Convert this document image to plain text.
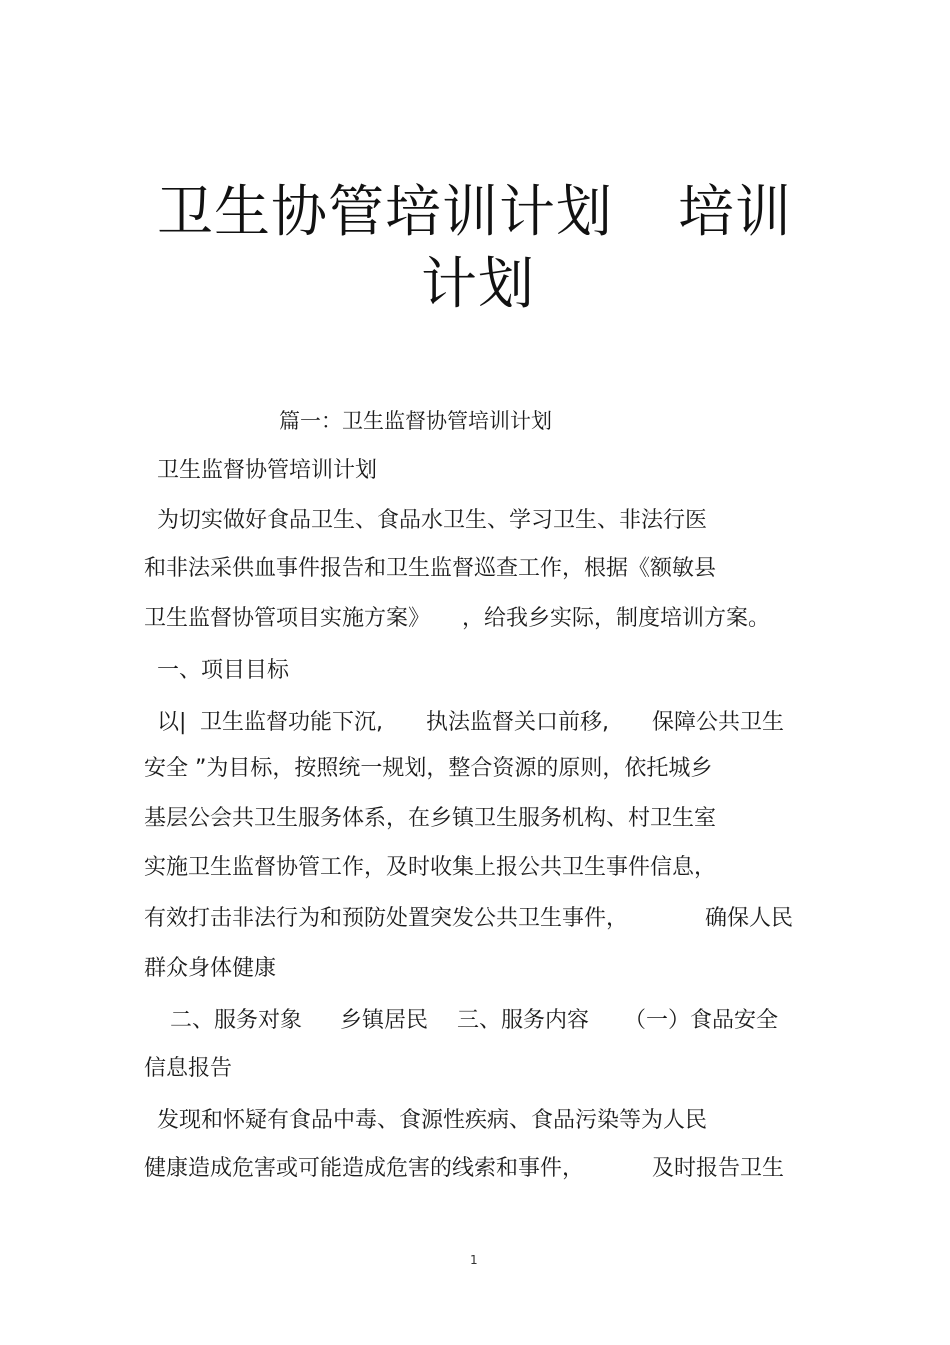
卫生协管培训计划 培训
计划
篇一：卫生监督协管培训计划
卫生监督协管培训计划
为切实做好食品卫生、食品水卫生、学习卫生、非法行医
和非法采供血事件报告和卫生监督巡查工作，根据《额敏县
卫生监督协管项目实施方案》 ，给我乡实际，制度培训方案。
一、项目目标
以| 卫生监督功能下沉, 执法监督关口前移, 保障公共卫生
安全 ”为目标，按照统一规划，整合资源的原则，依托城乡
基层公会共卫生服务体系，在乡镇卫生服务机构、村卫生室
实施卫生监督协管工作，及时收集上报公共卫生事件信息，
有效打击非法行为和预防处置突发公共卫生事件，	确保人民
群众身体健康
二、服务对象 乡镇居民 三、服务内容 （一）食品安全
信息报告
发现和怀疑有食品中毒、食源性疾病、食品污染等为人民
健康造成危害或可能造成危害的线索和事件，	及时报告卫生
1
